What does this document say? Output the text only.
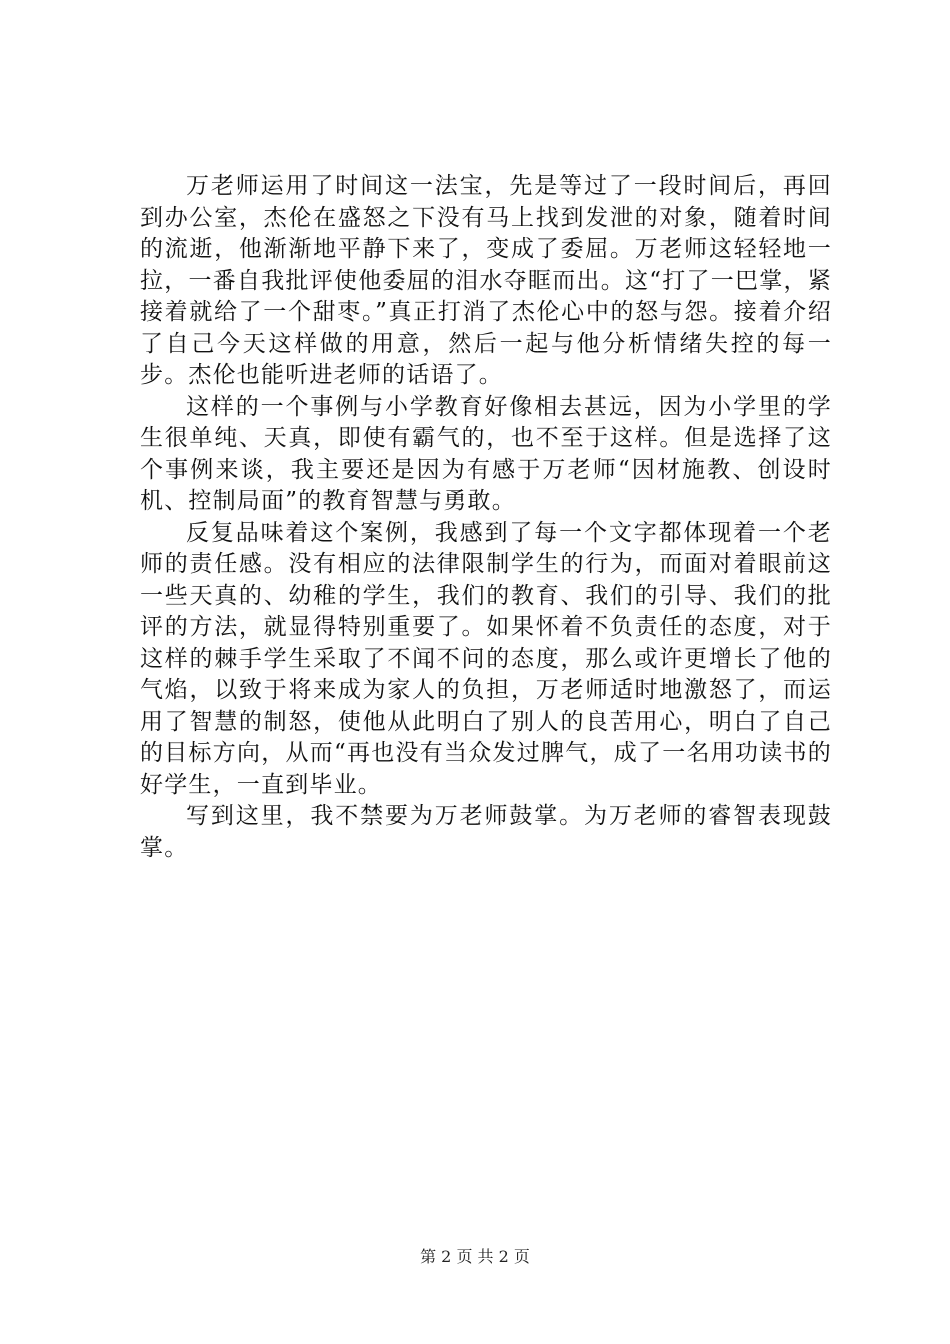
万老师运用了时间这一法宝，先是等过了一段时间后，再回到办公室，杰伦在盛怒之下没有马上找到发泄的对象，随着时间的流逝，他渐渐地平静下来了，变成了委屈。万老师这轻轻地一拉，一番自我批评使他委屈的泪水夺眶而出。这“打了一巴掌，紧接着就给了一个甜枣。”真正打消了杰伦心中的怒与怨。接着介绍了自己今天这样做的用意，然后一起与他分析情绪失控的每一步。杰伦也能听进老师的话语了。

这样的一个事例与小学教育好像相去甚远，因为小学里的学生很单纯、天真，即使有霸气的，也不至于这样。但是选择了这个事例来谈，我主要还是因为有感于万老师“因材施教、创设时机、控制局面”的教育智慧与勇敢。

反复品味着这个案例，我感到了每一个文字都体现着一个老师的责任感。没有相应的法律限制学生的行为，而面对着眼前这一些天真的、幼稚的学生，我们的教育、我们的引导、我们的批评的方法，就显得特别重要了。如果怀着不负责任的态度，对于这样的棘手学生采取了不闻不问的态度，那么或许更增长了他的气焰，以致于将来成为家人的负担，万老师适时地激怒了，而运用了智慧的制怒，使他从此明白了别人的良苦用心，明白了自己的目标方向，从而“再也没有当众发过脾气，成了一名用功读书的好学生，一直到毕业。

写到这里，我不禁要为万老师鼓掌。为万老师的睿智表现鼓掌。

第 2 页 共 2 页
